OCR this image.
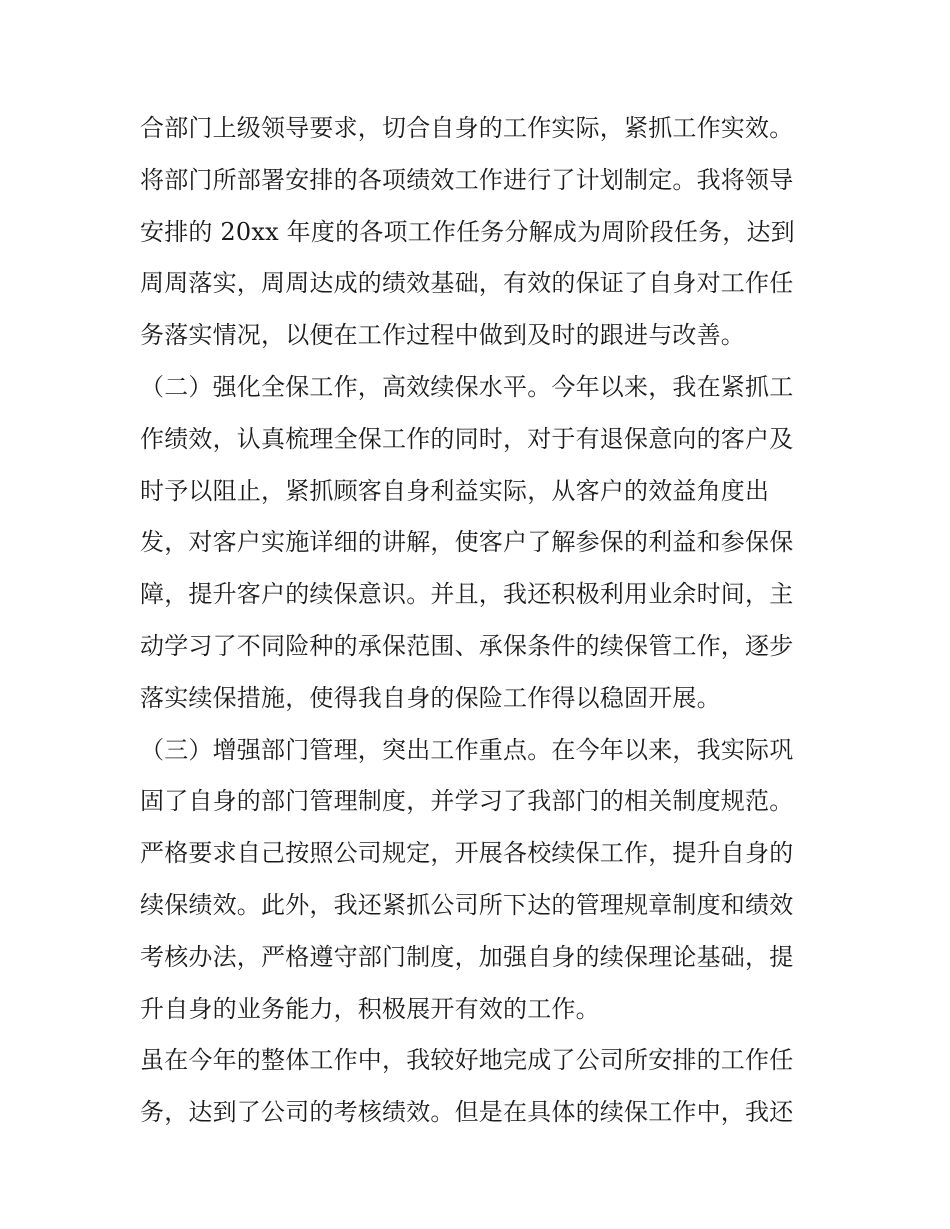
合部门上级领导要求，切合自身的工作实际，紧抓工作实效。
将部门所部署安排的各项绩效工作进行了计划制定。我将领导
安排的 20xx 年度的各项工作任务分解成为周阶段任务，达到
周周落实，周周达成的绩效基础，有效的保证了自身对工作任
务落实情况，以便在工作过程中做到及时的跟进与改善。
（二）强化全保工作，高效续保水平。今年以来，我在紧抓工
作绩效，认真梳理全保工作的同时，对于有退保意向的客户及
时予以阻止，紧抓顾客自身利益实际，从客户的效益角度出
发，对客户实施详细的讲解，使客户了解参保的利益和参保保
障，提升客户的续保意识。并且，我还积极利用业余时间，主
动学习了不同险种的承保范围、承保条件的续保管工作，逐步
落实续保措施，使得我自身的保险工作得以稳固开展。
（三）增强部门管理，突出工作重点。在今年以来，我实际巩
固了自身的部门管理制度，并学习了我部门的相关制度规范。
严格要求自己按照公司规定，开展各校续保工作，提升自身的
续保绩效。此外，我还紧抓公司所下达的管理规章制度和绩效
考核办法，严格遵守部门制度，加强自身的续保理论基础，提
升自身的业务能力，积极展开有效的工作。
虽在今年的整体工作中，我较好地完成了公司所安排的工作任
务，达到了公司的考核绩效。但是在具体的续保工作中，我还
